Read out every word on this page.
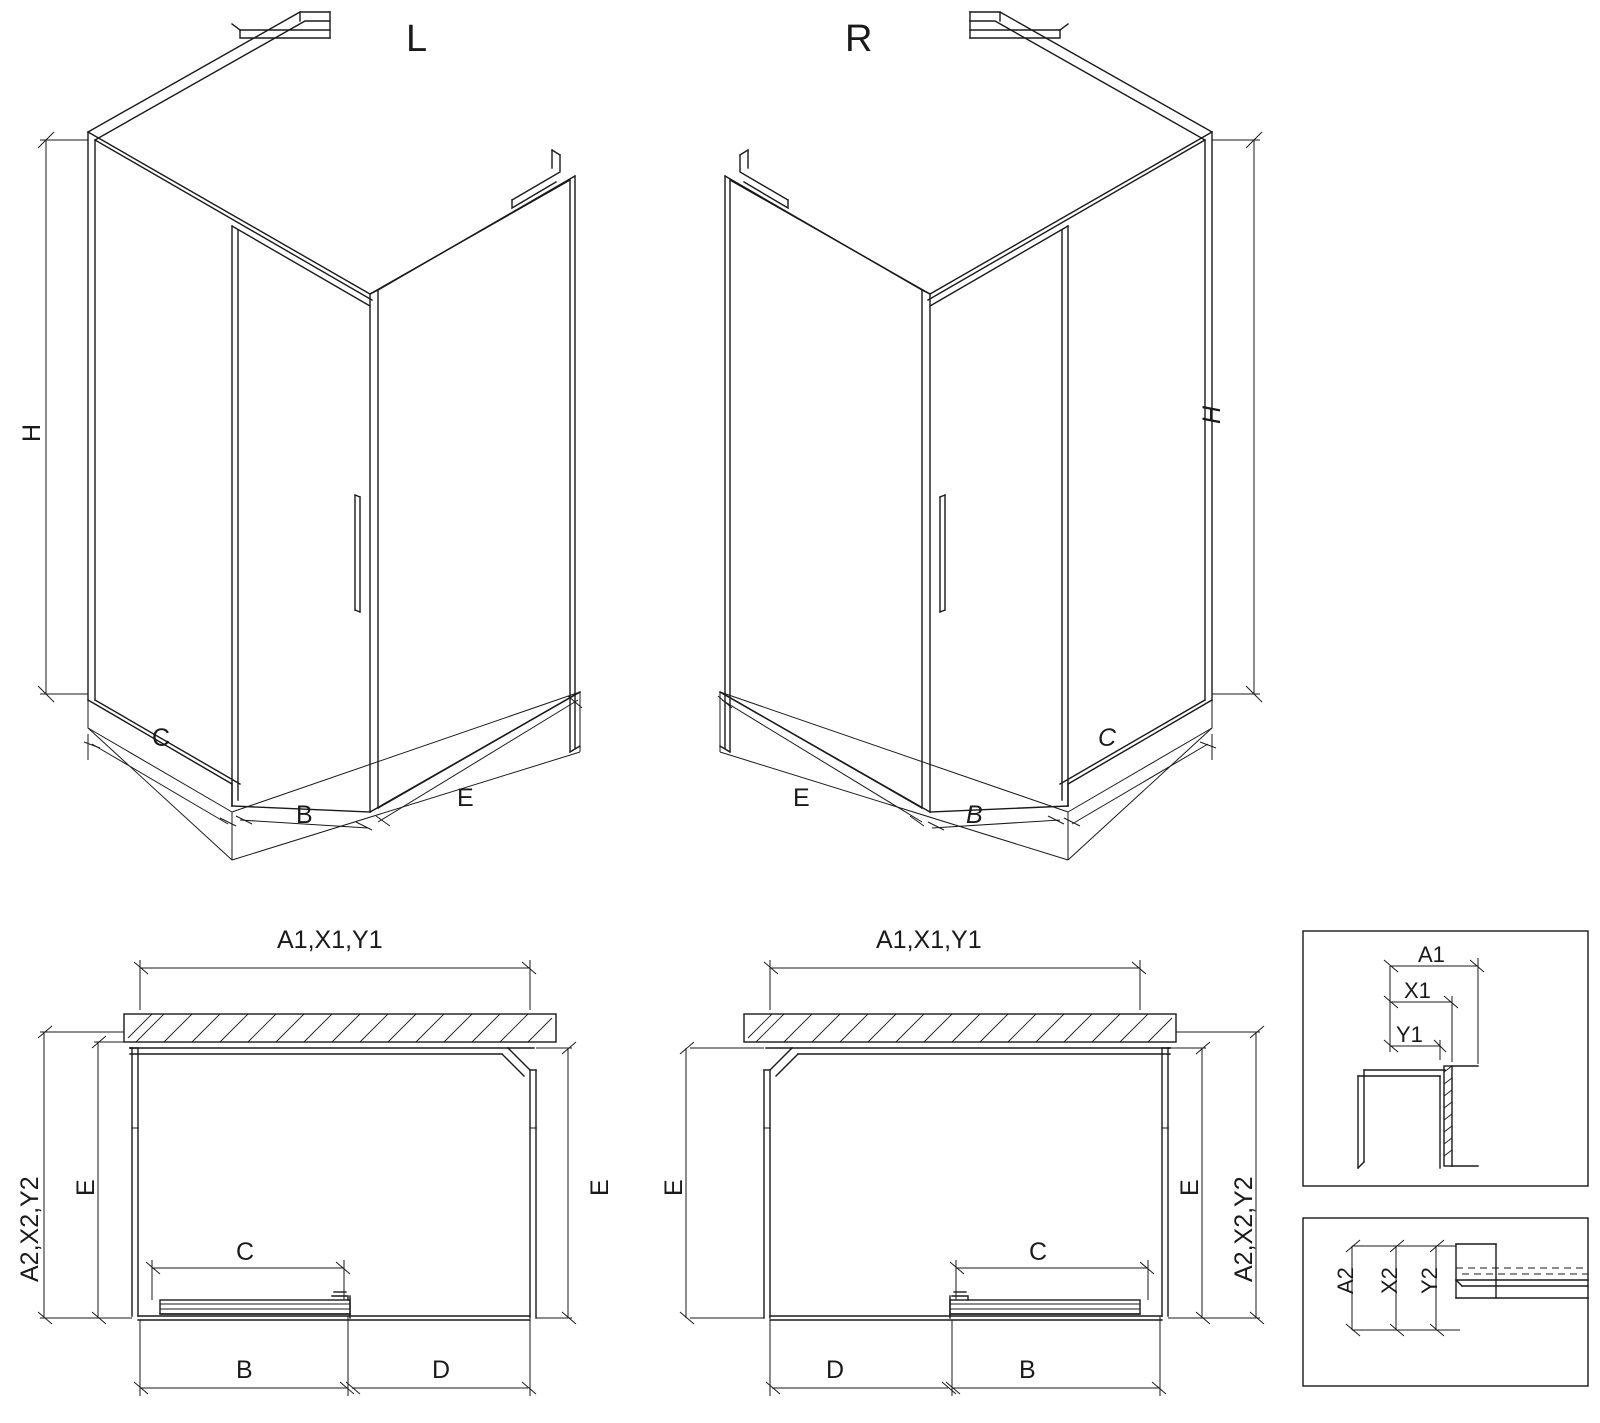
L	R
H
C
B
E
H
C
B
E
A1,X1,Y1
A2,X2,Y2 E	E
C
B	D
A1,X1,Y1
A2,X2,Y2
E	E
C
B
D
A1
X1
Y1
A2 X2 Y2
